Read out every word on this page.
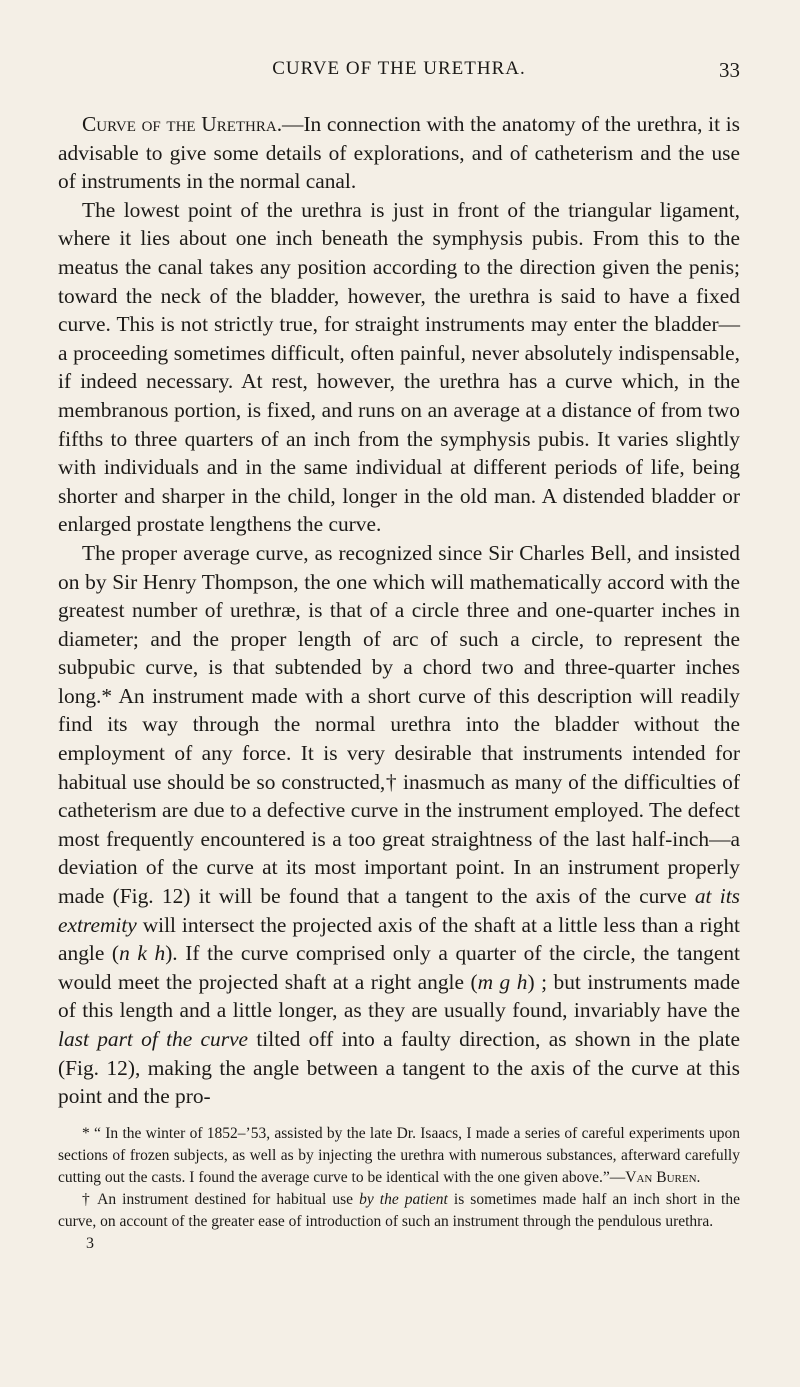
CURVE OF THE URETHRA.	33

Curve of the Urethra.—In connection with the anatomy of the urethra, it is advisable to give some details of explorations, and of catheterism and the use of instruments in the normal canal.

The lowest point of the urethra is just in front of the triangular ligament, where it lies about one inch beneath the symphysis pubis. From this to the meatus the canal takes any position according to the direction given the penis; toward the neck of the bladder, however, the urethra is said to have a fixed curve. This is not strictly true, for straight instruments may enter the bladder—a proceeding sometimes difficult, often painful, never absolutely indispensable, if indeed necessary. At rest, however, the urethra has a curve which, in the membranous portion, is fixed, and runs on an average at a distance of from two fifths to three quarters of an inch from the symphysis pubis. It varies slightly with individuals and in the same individual at different periods of life, being shorter and sharper in the child, longer in the old man. A distended bladder or enlarged prostate lengthens the curve.

The proper average curve, as recognized since Sir Charles Bell, and insisted on by Sir Henry Thompson, the one which will mathematically accord with the greatest number of urethræ, is that of a circle three and one-quarter inches in diameter; and the proper length of arc of such a circle, to represent the subpubic curve, is that subtended by a chord two and three-quarter inches long.* An instrument made with a short curve of this description will readily find its way through the normal urethra into the bladder without the employment of any force. It is very desirable that instruments intended for habitual use should be so constructed,† inasmuch as many of the difficulties of catheterism are due to a defective curve in the instrument employed. The defect most frequently encountered is a too great straightness of the last half-inch—a deviation of the curve at its most important point. In an instrument properly made (Fig. 12) it will be found that a tangent to the axis of the curve at its extremity will intersect the projected axis of the shaft at a little less than a right angle (n k h). If the curve comprised only a quarter of the circle, the tangent would meet the projected shaft at a right angle (m g h) ; but instruments made of this length and a little longer, as they are usually found, invariably have the last part of the curve tilted off into a faulty direction, as shown in the plate (Fig. 12), making the angle between a tangent to the axis of the curve at this point and the pro-

* “ In the winter of 1852–’53, assisted by the late Dr. Isaacs, I made a series of careful experiments upon sections of frozen subjects, as well as by injecting the urethra with numerous substances, afterward carefully cutting out the casts. I found the average curve to be identical with the one given above.”—Van Buren.

† An instrument destined for habitual use by the patient is sometimes made half an inch short in the curve, on account of the greater ease of introduction of such an instrument through the pendulous urethra.

3
